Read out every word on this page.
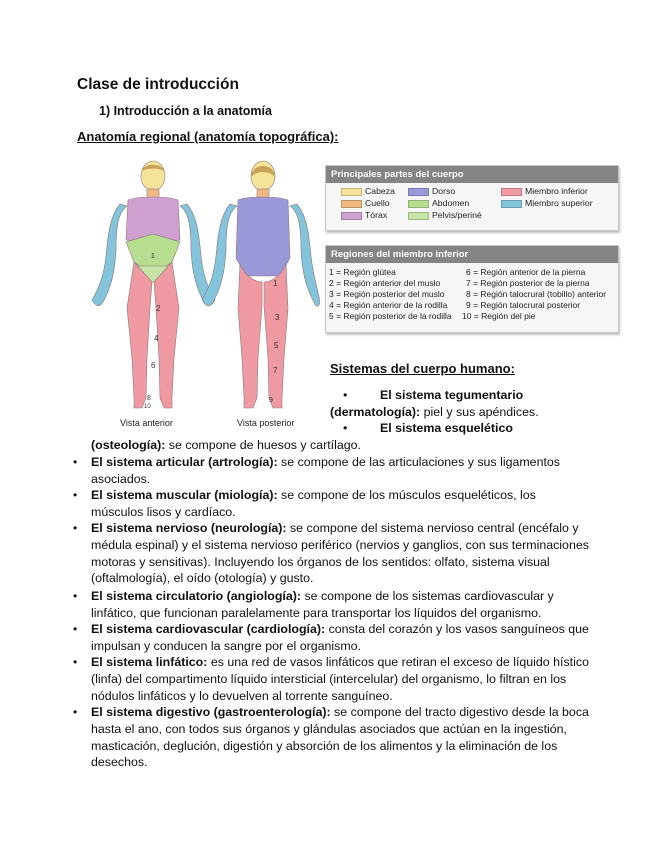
Clase de introducción
1) Introducción a la anatomía
Anatomía regional (anatomía topográfica):
1
2
4
6
8
10
1
3
5
7
9
Vista anterior	Vista posterior
Principales partes del cuerpo
Cabeza
Cuello
Tórax
Dorso
Abdomen
Pelvis/periné
Miembro inferior
Miembro superior
Regiones del miembro inferior
1 = Región glútea
2 = Región anterior del muslo
3 = Región posterior del muslo
4 = Región anterior de la rodilla
5 = Región posterior de la rodilla
6 = Región anterior de la pierna
7 = Región posterior de la pierna
8 = Región talocrural (tobillo) anterior
9 = Región talocrural posterior
10 = Región del pie
Sistemas del cuerpo humano:
•	El sistema tegumentario
(dermatología): piel y sus apéndices.
•	El sistema esquelético
(osteología): se compone de huesos y cartílago.
• El sistema articular (artrología): se compone de las articulaciones y sus ligamentos asociados.
• El sistema muscular (miología): se compone de los músculos esqueléticos, los músculos lisos y cardíaco.
• El sistema nervioso (neurología): se compone del sistema nervioso central (encéfalo y médula espinal) y el sistema nervioso periférico (nervios y ganglios, con sus terminaciones motoras y sensitivas). Incluyendo los órganos de los sentidos: olfato, sistema visual (oftalmología), el oído (otología) y gusto.
• El sistema circulatorio (angiología): se compone de los sistemas cardiovascular y linfático, que funcionan paralelamente para transportar los líquidos del organismo.
• El sistema cardiovascular (cardiología): consta del corazón y los vasos sanguíneos que impulsan y conducen la sangre por el organismo.
• El sistema linfático: es una red de vasos linfáticos que retiran el exceso de líquido hístico (linfa) del compartimento líquido intersticial (intercelular) del organismo, lo filtran en los nódulos linfáticos y lo devuelven al torrente sanguíneo.
• El sistema digestivo (gastroenterología): se compone del tracto digestivo desde la boca hasta el ano, con todos sus órganos y glándulas asociados que actúan en la ingestión, masticación, deglución, digestión y absorción de los alimentos y la eliminación de los desechos.
